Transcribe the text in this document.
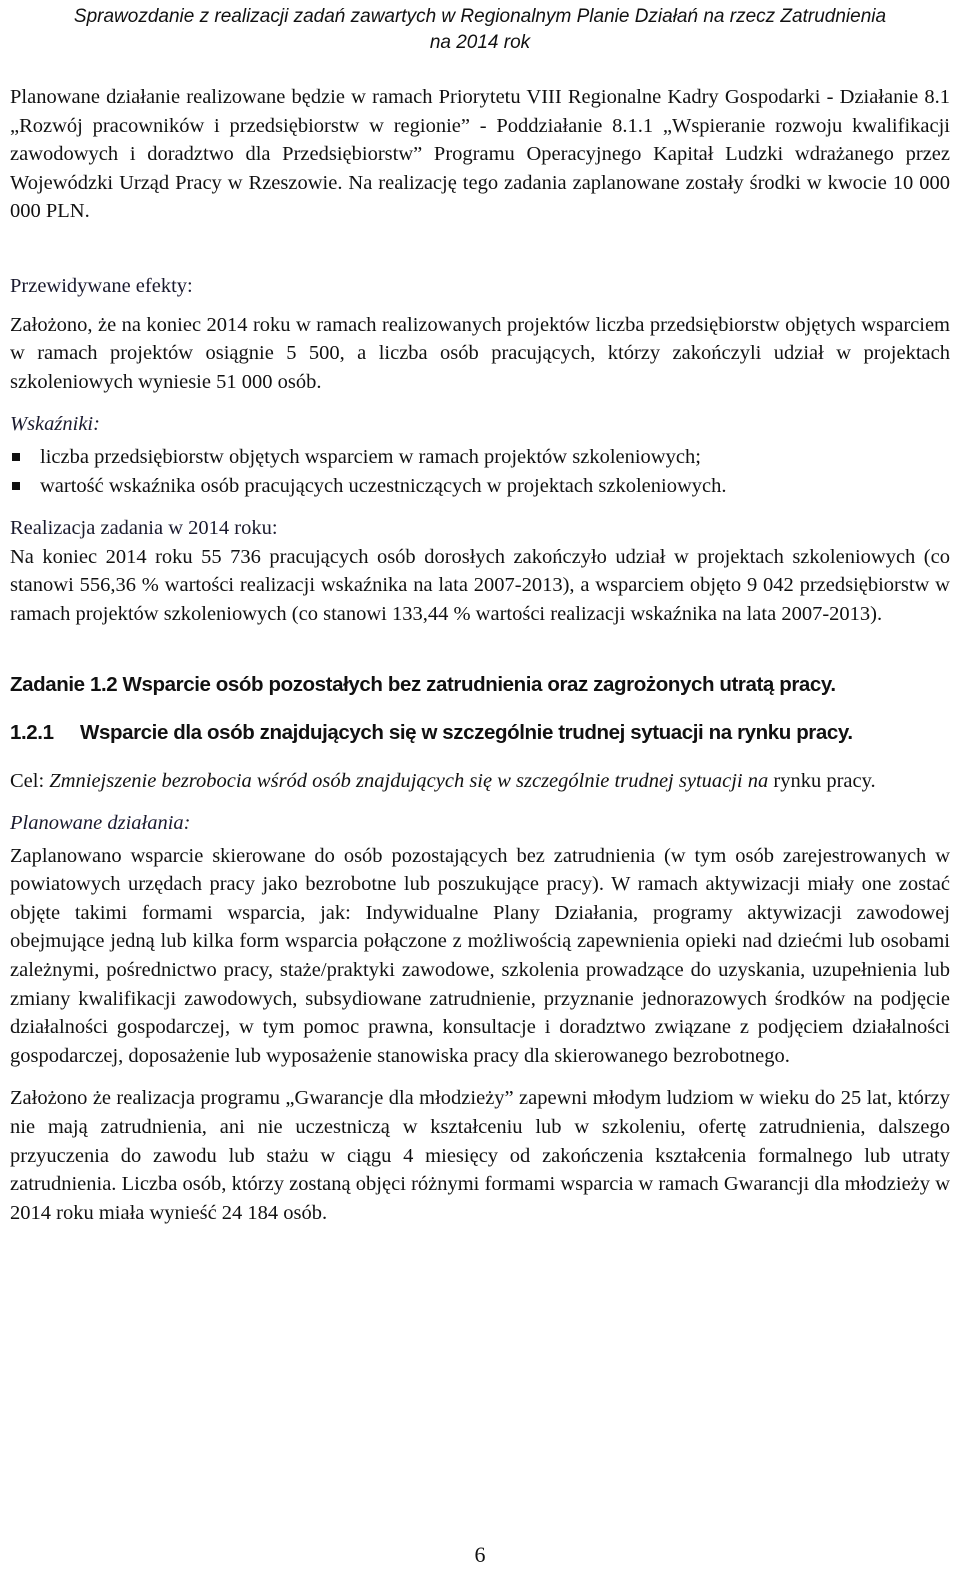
Sprawozdanie z realizacji zadań zawartych w Regionalnym Planie Działań na rzecz Zatrudnienia
na 2014 rok

Planowane działanie realizowane będzie w ramach Priorytetu VIII Regionalne Kadry Gospodarki - Działanie 8.1 „Rozwój pracowników i przedsiębiorstw w regionie” - Poddziałanie 8.1.1 „Wspieranie rozwoju kwalifikacji zawodowych i doradztwo dla Przedsiębiorstw” Programu Operacyjnego Kapitał Ludzki wdrażanego przez Wojewódzki Urząd Pracy w Rzeszowie. Na realizację tego zadania zaplanowane zostały środki w kwocie 10 000 000 PLN.

Przewidywane efekty:

Założono, że na koniec 2014 roku w ramach realizowanych projektów liczba przedsiębiorstw objętych wsparciem w ramach projektów osiągnie 5 500, a liczba osób pracujących, którzy zakończyli udział w projektach szkoleniowych wyniesie 51 000 osób.

Wskaźniki:
liczba przedsiębiorstw objętych wsparciem w ramach projektów szkoleniowych;
wartość wskaźnika osób pracujących uczestniczących w projektach szkoleniowych.
Realizacja zadania w 2014 roku:

Na koniec 2014 roku 55 736 pracujących osób dorosłych zakończyło udział w projektach szkoleniowych (co stanowi 556,36 % wartości realizacji wskaźnika na lata 2007-2013), a wsparciem objęto 9 042 przedsiębiorstw w ramach projektów szkoleniowych (co stanowi 133,44 % wartości realizacji wskaźnika na lata 2007-2013).

Zadanie 1.2 Wsparcie osób pozostałych bez zatrudnienia oraz zagrożonych utratą pracy.
1.2.1	Wsparcie dla osób znajdujących się w szczególnie trudnej sytuacji na rynku pracy.

Cel: Zmniejszenie bezrobocia wśród osób znajdujących się w szczególnie trudnej sytuacji na rynku pracy.

Planowane działania:

Zaplanowano wsparcie skierowane do osób pozostających bez zatrudnienia (w tym osób zarejestrowanych w powiatowych urzędach pracy jako bezrobotne lub poszukujące pracy). W ramach aktywizacji miały one zostać objęte takimi formami wsparcia, jak: Indywidualne Plany Działania, programy aktywizacji zawodowej obejmujące jedną lub kilka form wsparcia połączone z możliwością zapewnienia opieki nad dziećmi lub osobami zależnymi, pośrednictwo pracy, staże/praktyki zawodowe, szkolenia prowadzące do uzyskania, uzupełnienia lub zmiany kwalifikacji zawodowych, subsydiowane zatrudnienie, przyznanie jednorazowych środków na podjęcie działalności gospodarczej, w tym pomoc prawna, konsultacje i doradztwo związane z podjęciem działalności gospodarczej, doposażenie lub wyposażenie stanowiska pracy dla skierowanego bezrobotnego.

Założono że realizacja programu „Gwarancje dla młodzieży” zapewni młodym ludziom w wieku do 25 lat, którzy nie mają zatrudnienia, ani nie uczestniczą w kształceniu lub w szkoleniu, ofertę zatrudnienia, dalszego przyuczenia do zawodu lub stażu w ciągu 4 miesięcy od zakończenia kształcenia formalnego lub utraty zatrudnienia. Liczba osób, którzy zostaną objęci różnymi formami wsparcia w ramach Gwarancji dla młodzieży w 2014 roku miała wynieść 24 184 osób.

6
